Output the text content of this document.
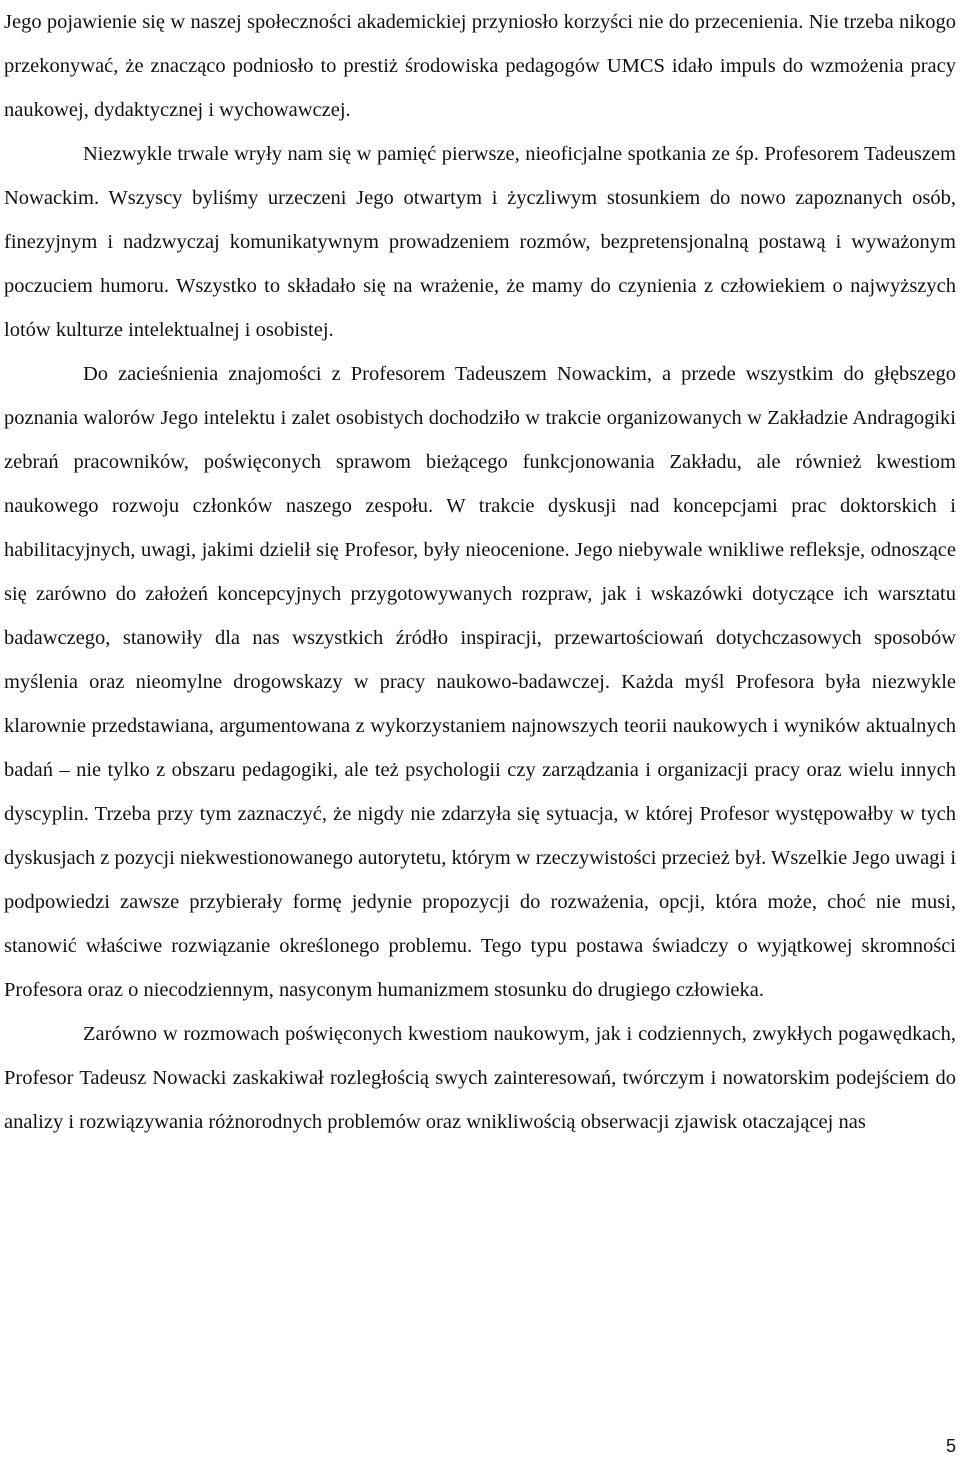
Jego pojawienie się w naszej społeczności akademickiej przyniosło korzyści nie do przecenienia. Nie trzeba nikogo przekonywać, że znacząco podniosło to prestiż środowiska pedagogów UMCS idało impuls do wzmożenia pracy naukowej, dydaktycznej i wychowawczej.

Niezwykle trwale wryły nam się w pamięć pierwsze, nieoficjalne spotkania ze śp. Profesorem Tadeuszem Nowackim. Wszyscy byliśmy urzeczeni Jego otwartym i życzliwym stosunkiem do nowo zapoznanych osób, finezyjnym i nadzwyczaj komunikatywnym prowadzeniem rozmów, bezpretensjonalną postawą i wyważonym poczuciem humoru. Wszystko to składało się na wrażenie, że mamy do czynienia z człowiekiem o najwyższych lotów kulturze intelektualnej i osobistej.

Do zacieśnienia znajomości z Profesorem Tadeuszem Nowackim, a przede wszystkim do głębszego poznania walorów Jego intelektu i zalet osobistych dochodziło w trakcie organizowanych w Zakładzie Andragogiki zebrań pracowników, poświęconych sprawom bieżącego funkcjonowania Zakładu, ale również kwestiom naukowego rozwoju członków naszego zespołu. W trakcie dyskusji nad koncepcjami prac doktorskich i habilitacyjnych, uwagi, jakimi dzielił się Profesor, były nieocenione. Jego niebywale wnikliwe refleksje, odnoszące się zarówno do założeń koncepcyjnych przygotowywanych rozpraw, jak i wskazówki dotyczące ich warsztatu badawczego, stanowiły dla nas wszystkich źródło inspiracji, przewartościowań dotychczasowych sposobów myślenia oraz nieomylne drogowskazy w pracy naukowo-badawczej. Każda myśl Profesora była niezwykle klarownie przedstawiana, argumentowana z wykorzystaniem najnowszych teorii naukowych i wyników aktualnych badań – nie tylko z obszaru pedagogiki, ale też psychologii czy zarządzania i organizacji pracy oraz wielu innych dyscyplin. Trzeba przy tym zaznaczyć, że nigdy nie zdarzyła się sytuacja, w której Profesor występowałby w tych dyskusjach z pozycji niekwestionowanego autorytetu, którym w rzeczywistości przecież był. Wszelkie Jego uwagi i podpowiedzi zawsze przybierały formę jedynie propozycji do rozważenia, opcji, która może, choć nie musi, stanowić właściwe rozwiązanie określonego problemu. Tego typu postawa świadczy o wyjątkowej skromności Profesora oraz o niecodziennym, nasyconym humanizmem stosunku do drugiego człowieka.

Zarówno w rozmowach poświęconych kwestiom naukowym, jak i codziennych, zwykłych pogawędkach, Profesor Tadeusz Nowacki zaskakiwał rozległością swych zainteresowań, twórczym i nowatorskim podejściem do analizy i rozwiązywania różnorodnych problemów oraz wnikliwością obserwacji zjawisk otaczającej nas

5
